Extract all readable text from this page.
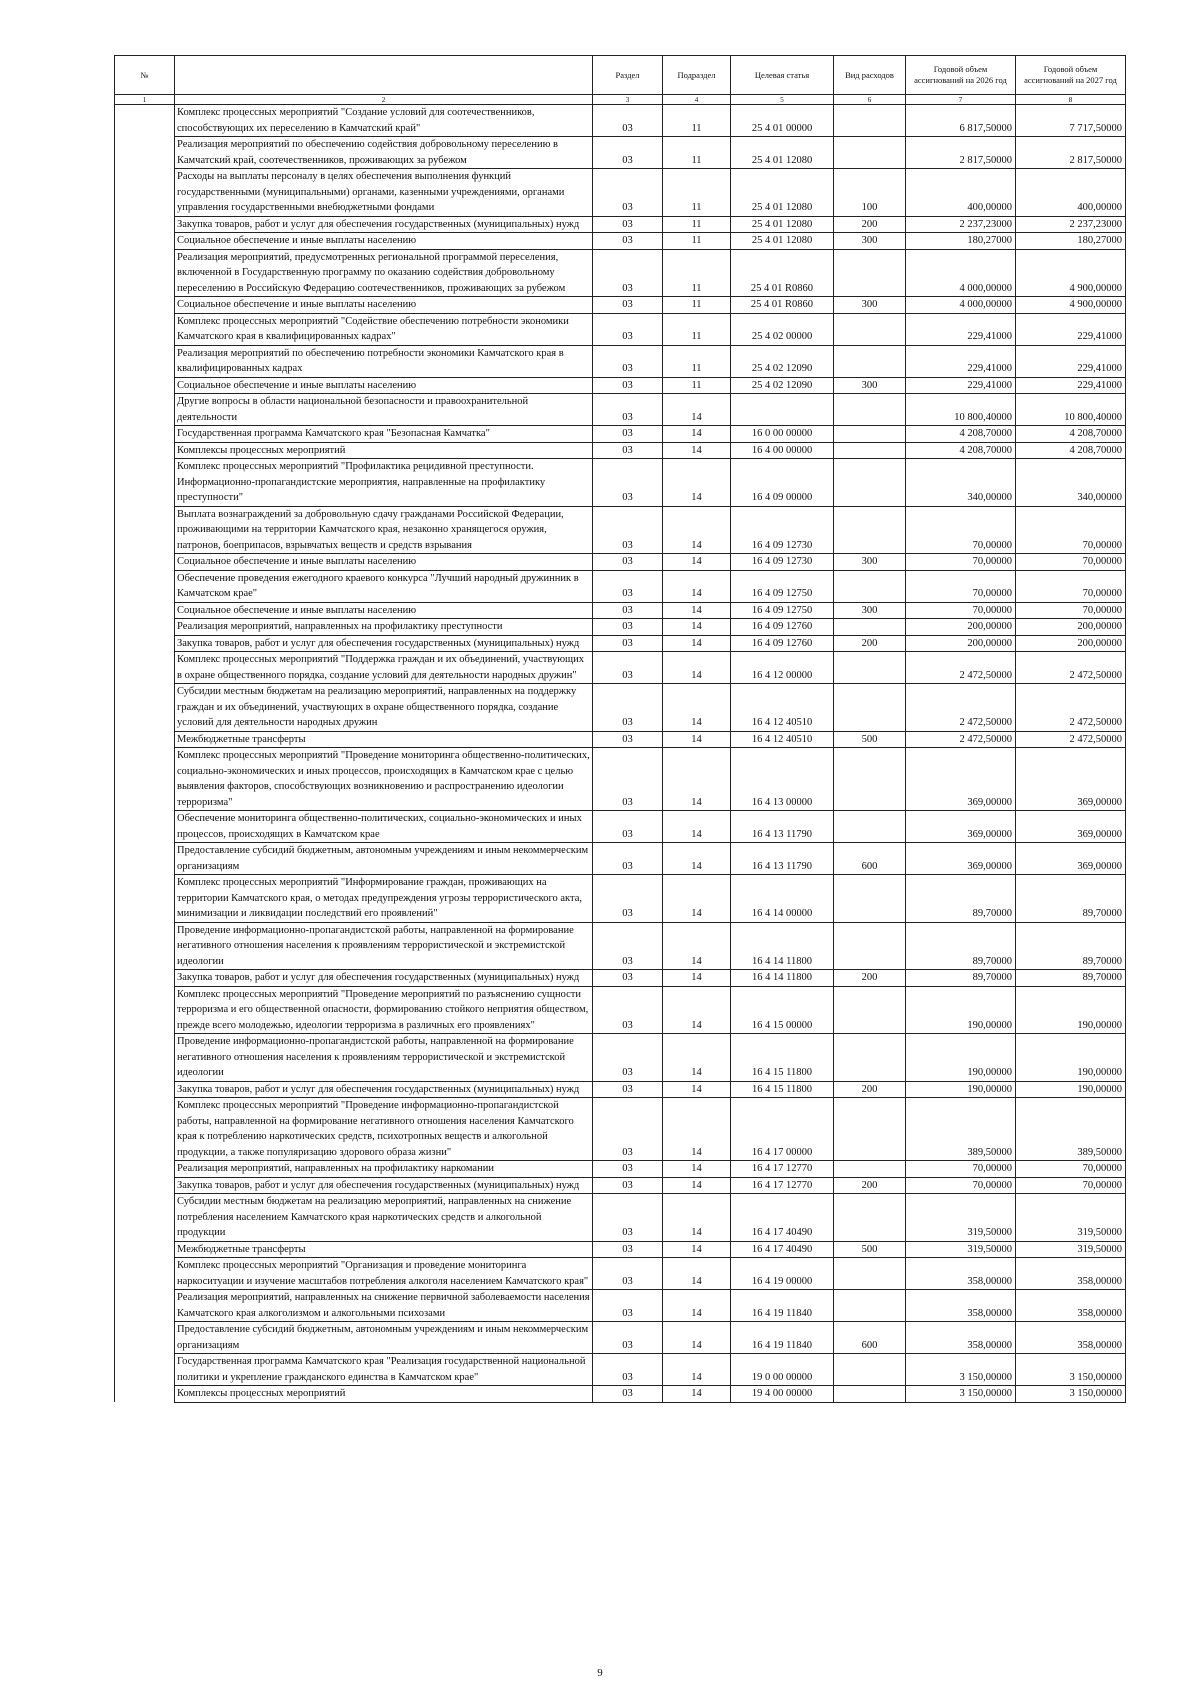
№		Раздел	Подраздел	Целевая статья	Вид расходов	Годовой объем ассигнований на 2026 год	Годовой объем ассигнований на 2027 год
1	2	3	4	5	6	7	8
	Комплекс процессных мероприятий "Создание условий для соотечественников, способствующих их переселению в Камчатский край"	03	11	25 4 01 00000		6 817,50000	7 717,50000
	Реализация мероприятий по обеспечению содействия добровольному переселению в Камчатский край, соотечественников, проживающих за рубежом	03	11	25 4 01 12080		2 817,50000	2 817,50000
	Расходы на выплаты персоналу в целях обеспечения выполнения функций государственными (муниципальными) органами, казенными учреждениями, органами управления государственными внебюджетными фондами	03	11	25 4 01 12080	100	400,00000	400,00000
	Закупка товаров, работ и услуг для обеспечения государственных (муниципальных) нужд	03	11	25 4 01 12080	200	2 237,23000	2 237,23000
	Социальное обеспечение и иные выплаты населению	03	11	25 4 01 12080	300	180,27000	180,27000
	Реализация мероприятий, предусмотренных региональной программой переселения, включенной в Государственную программу по оказанию содействия добровольному переселению в Российскую Федерацию соотечественников, проживающих за рубежом	03	11	25 4 01 R0860		4 000,00000	4 900,00000
	Социальное обеспечение и иные выплаты населению	03	11	25 4 01 R0860	300	4 000,00000	4 900,00000
	Комплекс процессных мероприятий "Содействие обеспечению потребности экономики Камчатского края в квалифицированных кадрах"	03	11	25 4 02 00000		229,41000	229,41000
	Реализация мероприятий по обеспечению потребности экономики Камчатского края в квалифицированных кадрах	03	11	25 4 02 12090		229,41000	229,41000
	Социальное обеспечение и иные выплаты населению	03	11	25 4 02 12090	300	229,41000	229,41000
	Другие вопросы в области национальной безопасности и правоохранительной деятельности	03	14			10 800,40000	10 800,40000
	Государственная программа Камчатского края "Безопасная Камчатка"	03	14	16 0 00 00000		4 208,70000	4 208,70000
	Комплексы процессных мероприятий	03	14	16 4 00 00000		4 208,70000	4 208,70000
	Комплекс процессных мероприятий "Профилактика рецидивной преступности. Информационно-пропагандистские мероприятия, направленные на профилактику преступности"	03	14	16 4 09 00000		340,00000	340,00000
	Выплата вознаграждений за добровольную сдачу гражданами Российской Федерации, проживающими на территории Камчатского края, незаконно хранящегося оружия, патронов, боеприпасов, взрывчатых веществ и средств взрывания	03	14	16 4 09 12730		70,00000	70,00000
	Социальное обеспечение и иные выплаты населению	03	14	16 4 09 12730	300	70,00000	70,00000
	Обеспечение проведения ежегодного краевого конкурса "Лучший народный дружинник в Камчатском крае"	03	14	16 4 09 12750		70,00000	70,00000
	Социальное обеспечение и иные выплаты населению	03	14	16 4 09 12750	300	70,00000	70,00000
	Реализация мероприятий, направленных на профилактику преступности	03	14	16 4 09 12760		200,00000	200,00000
	Закупка товаров, работ и услуг для обеспечения государственных (муниципальных) нужд	03	14	16 4 09 12760	200	200,00000	200,00000
	Комплекс процессных мероприятий "Поддержка граждан и их объединений, участвующих в охране общественного порядка, создание условий для деятельности народных дружин"	03	14	16 4 12 00000		2 472,50000	2 472,50000
	Субсидии местным бюджетам на реализацию мероприятий, направленных на поддержку граждан и их объединений, участвующих в охране общественного порядка, создание условий для деятельности народных дружин	03	14	16 4 12 40510		2 472,50000	2 472,50000
	Межбюджетные трансферты	03	14	16 4 12 40510	500	2 472,50000	2 472,50000
	Комплекс процессных мероприятий "Проведение мониторинга общественно-политических, социально-экономических и иных процессов, происходящих в Камчатском крае с целью выявления факторов, способствующих возникновению и распространению идеологии терроризма"	03	14	16 4 13 00000		369,00000	369,00000
	Обеспечение мониторинга общественно-политических, социально-экономических и иных процессов, происходящих в Камчатском крае	03	14	16 4 13 11790		369,00000	369,00000
	Предоставление субсидий бюджетным, автономным учреждениям и иным некоммерческим организациям	03	14	16 4 13 11790	600	369,00000	369,00000
	Комплекс процессных мероприятий "Информирование граждан, проживающих на территории Камчатского края, о методах предупреждения угрозы террористического акта, минимизации и ликвидации последствий его проявлений"	03	14	16 4 14 00000		89,70000	89,70000
	Проведение информационно-пропагандистской работы, направленной на формирование негативного отношения населения к проявлениям террористической и экстремистской идеологии	03	14	16 4 14 11800		89,70000	89,70000
	Закупка товаров, работ и услуг для обеспечения государственных (муниципальных) нужд	03	14	16 4 14 11800	200	89,70000	89,70000
	Комплекс процессных мероприятий "Проведение мероприятий по разъяснению сущности терроризма и его общественной опасности, формированию стойкого неприятия обществом, прежде всего молодежью, идеологии терроризма в различных его проявлениях"	03	14	16 4 15 00000		190,00000	190,00000
	Проведение информационно-пропагандистской работы, направленной на формирование негативного отношения населения к проявлениям террористической и экстремистской идеологии	03	14	16 4 15 11800		190,00000	190,00000
	Закупка товаров, работ и услуг для обеспечения государственных (муниципальных) нужд	03	14	16 4 15 11800	200	190,00000	190,00000
	Комплекс процессных мероприятий "Проведение информационно-пропагандистской работы, направленной на формирование негативного отношения населения Камчатского края к потреблению наркотических средств, психотропных веществ и алкогольной продукции, а также популяризацию здорового образа жизни"	03	14	16 4 17 00000		389,50000	389,50000
	Реализация мероприятий, направленных на профилактику наркомании	03	14	16 4 17 12770		70,00000	70,00000
	Закупка товаров, работ и услуг для обеспечения государственных (муниципальных) нужд	03	14	16 4 17 12770	200	70,00000	70,00000
	Субсидии местным бюджетам на реализацию мероприятий, направленных на снижение потребления населением Камчатского края наркотических средств и алкогольной продукции	03	14	16 4 17 40490		319,50000	319,50000
	Межбюджетные трансферты	03	14	16 4 17 40490	500	319,50000	319,50000
	Комплекс процессных мероприятий "Организация и проведение мониторинга наркоситуации и изучение масштабов потребления алкоголя населением Камчатского края"	03	14	16 4 19 00000		358,00000	358,00000
	Реализация мероприятий, направленных на снижение первичной заболеваемости населения Камчатского края алкоголизмом и алкогольными психозами	03	14	16 4 19 11840		358,00000	358,00000
	Предоставление субсидий бюджетным, автономным учреждениям и иным некоммерческим организациям	03	14	16 4 19 11840	600	358,00000	358,00000
	Государственная программа Камчатского края "Реализация государственной национальной политики и укрепление гражданского единства в Камчатском крае"	03	14	19 0 00 00000		3 150,00000	3 150,00000
	Комплексы процессных мероприятий	03	14	19 4 00 00000		3 150,00000	3 150,00000
9
